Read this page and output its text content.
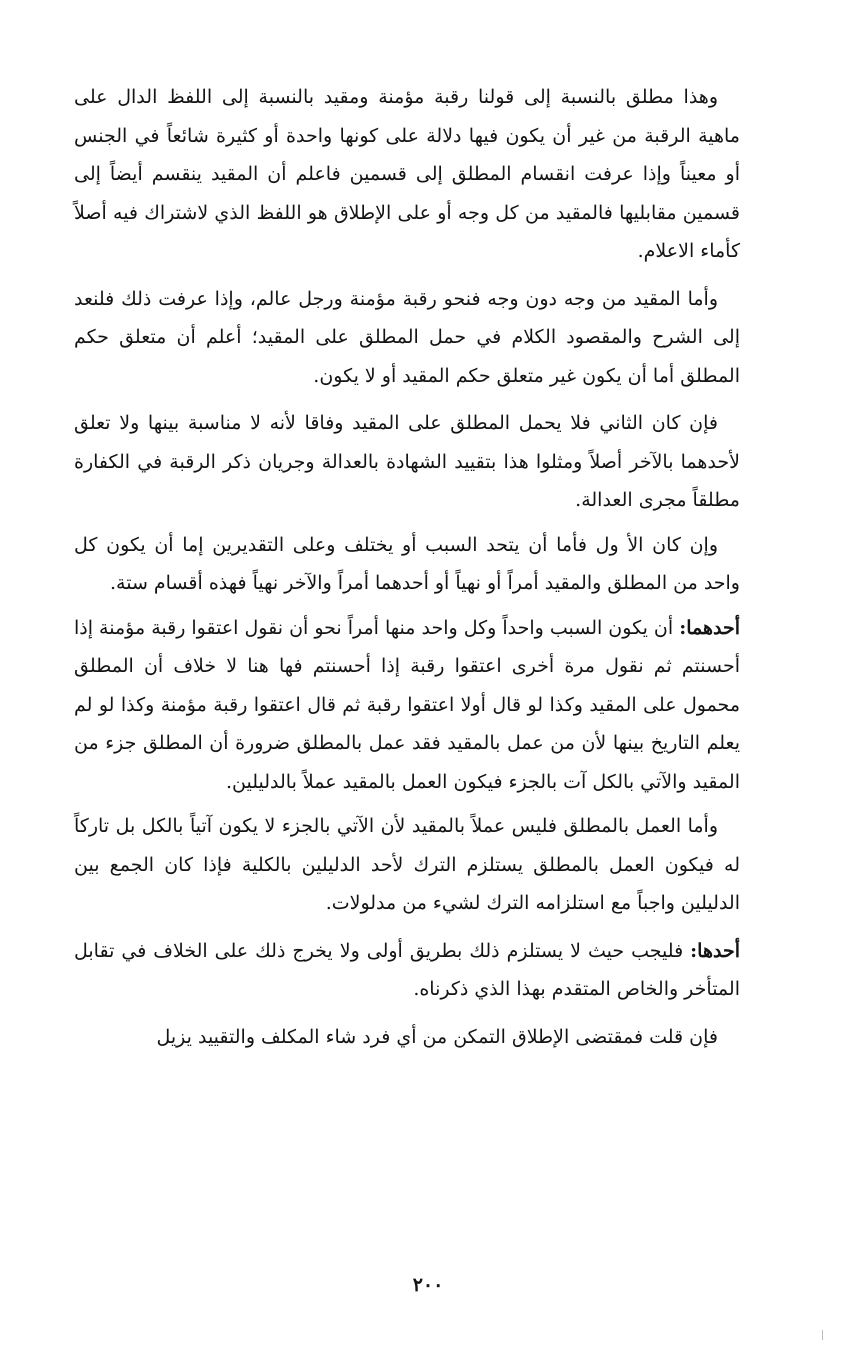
وهذا مطلق بالنسبة إلى قولنا رقبة مؤمنة ومقيد بالنسبة إلى اللفظ الدال على ماهية الرقبة من غير أن يكون فيها دلالة على كونها واحدة أو كثيرة شائعاً في الجنس أو معيناً وإذا عرفت انقسام المطلق إلى قسمين فاعلم أن المقيد ينقسم أيضاً إلى قسمين مقابليها فالمقيد من كل وجه أو على الإطلاق هو اللفظ الذي لاشتراك فيه أصلاً كأماء الاعلام.

وأما المقيد من وجه دون وجه فنحو رقبة مؤمنة ورجل عالم، وإذا عرفت ذلك فلنعد إلى الشرح والمقصود الكلام في حمل المطلق على المقيد؛ أعلم أن متعلق حكم المطلق أما أن يكون غير متعلق حكم المقيد أو لا يكون.

فإن كان الثاني فلا يحمل المطلق على المقيد وفاقا لأنه لا مناسبة بينها ولا تعلق لأحدهما بالآخر أصلاً ومثلوا هذا بتقييد الشهادة بالعدالة وجريان ذكر الرقبة في الكفارة مطلقاً مجرى العدالة.

وإن كان الأ ول فأما أن يتحد السبب أو يختلف وعلى التقديرين إما أن يكون كل واحد من المطلق والمقيد أمراً أو نهياً أو أحدهما أمراً والآخر نهياً فهذه أقسام ستة.

أحدهما: أن يكون السبب واحداً وكل واحد منها أمراً نحو أن نقول اعتقوا رقبة مؤمنة إذا أحسنتم ثم نقول مرة أخرى اعتقوا رقبة إذا أحسنتم فها هنا لا خلاف أن المطلق محمول على المقيد وكذا لو قال أولا اعتقوا رقبة ثم قال اعتقوا رقبة مؤمنة وكذا لو لم يعلم التاريخ بينها لأن من عمل بالمقيد فقد عمل بالمطلق ضرورة أن المطلق جزء من المقيد والآتي بالكل آت بالجزء فيكون العمل بالمقيد عملاً بالدليلين.

وأما العمل بالمطلق فليس عملاً بالمقيد لأن الآتي بالجزء لا يكون آتياً بالكل بل تاركاً له فيكون العمل بالمطلق يستلزم الترك لأحد الدليلين بالكلية فإذا كان الجمع بين الدليلين واجباً مع استلزامه الترك لشيء من مدلولات.

أحدها: فليجب حيث لا يستلزم ذلك بطريق أولى ولا يخرج ذلك على الخلاف في تقابل المتأخر والخاص المتقدم بهذا الذي ذكرناه.

فإن قلت فمقتضى الإطلاق التمكن من أي فرد شاء المكلف والتقييد يزيل

٢٠٠
